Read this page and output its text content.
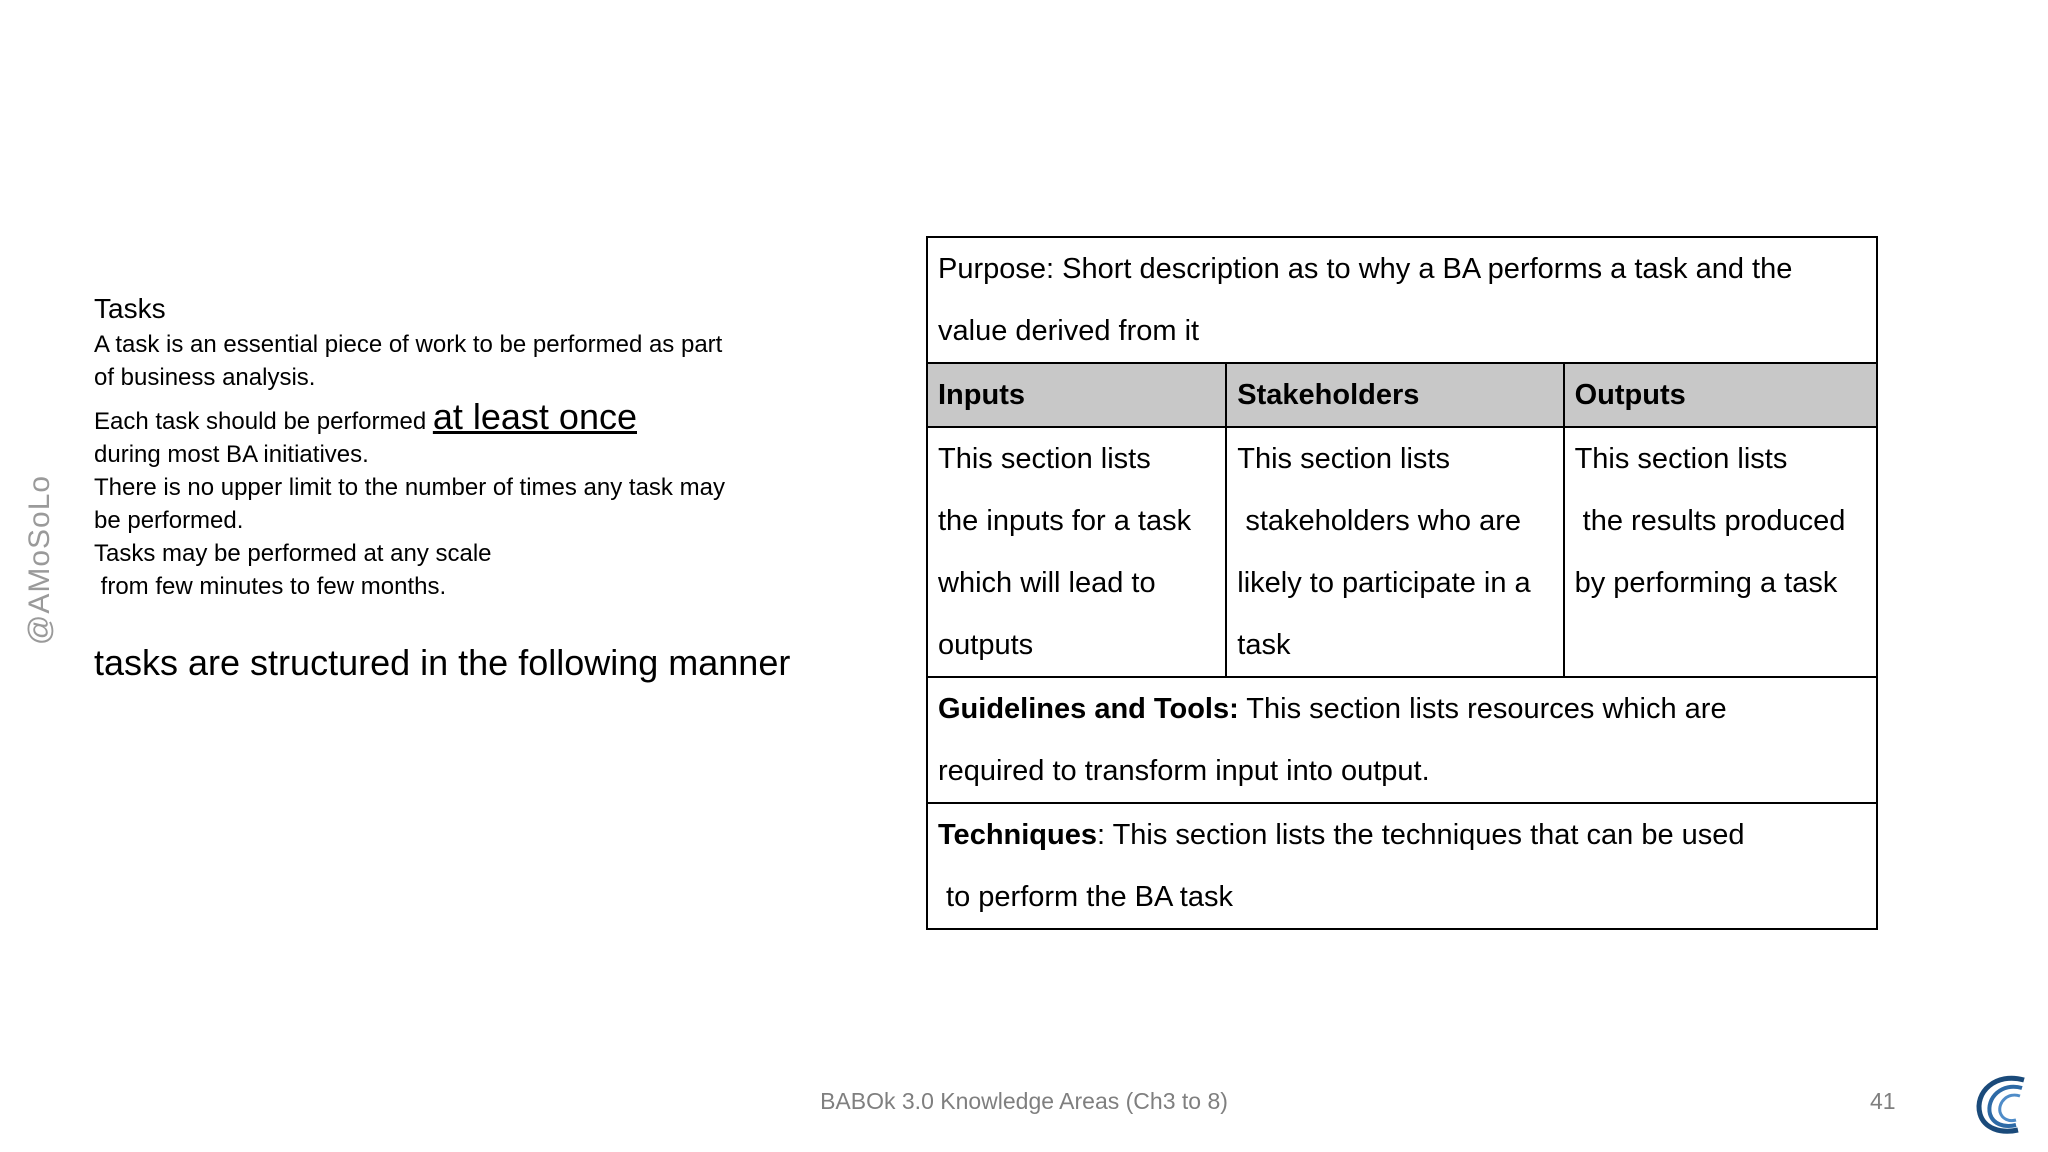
@AMoSoLo
Tasks

A task is an essential piece of work to be performed as part
of business analysis.

Each task should be performed at least once
during most BA initiatives.
There is no upper limit to the number of times any task may
be performed.
Tasks may be performed at any scale
from few minutes to few months.

tasks are structured in the following manner
Purpose: Short description as to why a BA performs a task and the
value derived from it		
Inputs	Stakeholders	Outputs
This section lists
the inputs for a task
which will lead to
outputs	This section lists
stakeholders who are
likely to participate in a
task	This section lists
the results produced
by performing a task

Guidelines and Tools: This section lists resources which are
required to transform input into output.		
Techniques: This section lists the techniques that can be used
to perform the BA task		
BABOk 3.0 Knowledge Areas (Ch3 to 8)	41
